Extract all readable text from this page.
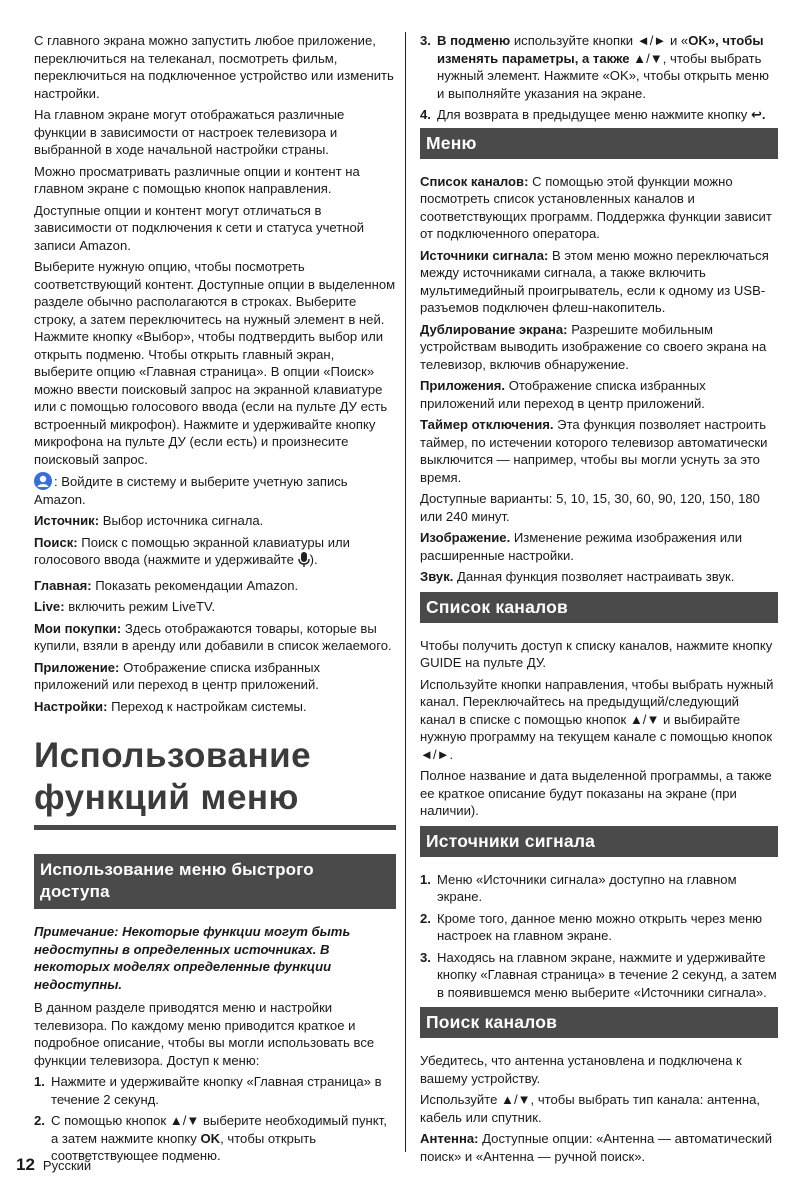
С главного экрана можно запустить любое приложение, переключиться на телеканал, посмотреть фильм, переключиться на подключенное устройство или изменить настройки.

На главном экране могут отображаться различные функции в зависимости от настроек телевизора и выбранной в ходе начальной настройки страны.

Можно просматривать различные опции и контент на главном экране с помощью кнопок направления.

Доступные опции и контент могут отличаться в зависимости от подключения к сети и статуса учетной записи Amazon.

Выберите нужную опцию, чтобы посмотреть соответствующий контент. Доступные опции в выделенном разделе обычно располагаются в строках. Выберите строку, а затем переключитесь на нужный элемент в ней. Нажмите кнопку «Выбор», чтобы подтвердить выбор или открыть подменю. Чтобы открыть главный экран, выберите опцию «Главная страница». В опции «Поиск» можно ввести поисковый запрос на экранной клавиатуре или с помощью голосового ввода (если на пульте ДУ есть встроенный микрофон). Нажмите и удерживайте кнопку микрофона на пульте ДУ (если есть) и произнесите поисковый запрос.

: Войдите в систему и выберите учетную запись Amazon.

Источник: Выбор источника сигнала.

Поиск: Поиск с помощью экранной клавиатуры или голосового ввода (нажмите и удерживайте ).

Главная: Показать рекомендации Amazon.

Live: включить режим LiveTV.

Мои покупки: Здесь отображаются товары, которые вы купили, взяли в аренду или добавили в список желаемого.

Приложение: Отображение списка избранных приложений или переход в центр приложений.

Настройки: Переход к настройкам системы.

Использование
функций меню
Использование меню быстрого доступа

Примечание: Некоторые функции могут быть недоступны в определенных источниках. В некоторых моделях определенные функции недоступны.

В данном разделе приводятся меню и настройки телевизора. По каждому меню приводится краткое и подробное описание, чтобы вы могли использовать все функции телевизора. Доступ к меню:

1. Нажмите и удерживайте кнопку «Главная страница» в течение 2 секунд.
2. С помощью кнопок ▲/▼ выберите необходимый пункт, а затем нажмите кнопку OK, чтобы открыть соответствующее подменю.
3. В подменю используйте кнопки ◄/► и «OK», чтобы изменять параметры, а также ▲/▼, чтобы выбрать нужный элемент. Нажмите «OK», чтобы открыть меню и выполняйте указания на экране.
4. Для возврата в предыдущее меню нажмите кнопку ↩.
Меню

Список каналов: С помощью этой функции можно посмотреть список установленных каналов и соответствующих программ. Поддержка функции зависит от подключенного оператора.

Источники сигнала: В этом меню можно переключаться между источниками сигнала, а также включить мультимедийный проигрыватель, если к одному из USB-разъемов подключен флеш-накопитель.

Дублирование экрана: Разрешите мобильным устройствам выводить изображение со своего экрана на телевизор, включив обнаружение.

Приложения. Отображение списка избранных приложений или переход в центр приложений.

Таймер отключения. Эта функция позволяет настроить таймер, по истечении которого телевизор автоматически выключится — например, чтобы вы могли уснуть за это время.

Доступные варианты: 5, 10, 15, 30, 60, 90, 120, 150, 180 или 240 минут.

Изображение. Изменение режима изображения или расширенные настройки.

Звук. Данная функция позволяет настраивать звук.

Список каналов

Чтобы получить доступ к списку каналов, нажмите кнопку GUIDE на пульте ДУ.

Используйте кнопки направления, чтобы выбрать нужный канал. Переключайтесь на предыдущий/следующий канал в списке с помощью кнопок ▲/▼ и выбирайте нужную программу на текущем канале с помощью кнопок ◄/►.

Полное название и дата выделенной программы, а также ее краткое описание будут показаны на экране (при наличии).

Источники сигнала
1. Меню «Источники сигнала» доступно на главном экране.
2. Кроме того, данное меню можно открыть через меню настроек на главном экране.
3. Находясь на главном экране, нажмите и удерживайте кнопку «Главная страница» в течение 2 секунд, а затем в появившемся меню выберите «Источники сигнала».
Поиск каналов

Убедитесь, что антенна установлена и подключена к вашему устройству.

Используйте ▲/▼, чтобы выбрать тип канала: антенна, кабель или спутник.

Антенна: Доступные опции: «Антенна — автоматический поиск» и «Антенна — ручной поиск».

12 Русский
